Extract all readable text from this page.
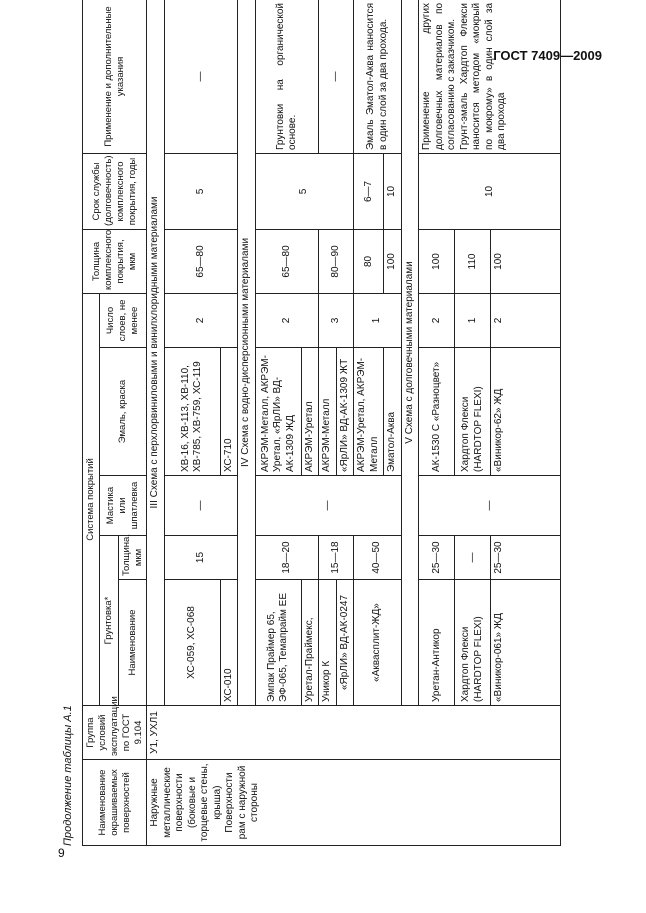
ГОСТ 7409—2009
Продолжение таблицы А.1 Наименование окрашиваемых поверхностей	Группа условий эксплуатации по ГОСТ 9.104	Система покрытий					Толщина комплексного покрытия, мкм	Срок службы (долговечность) комплексного покрытия, годы	Применение и дополнительные указания
		Грунтовка*		Мастика или шпатлевка	Эмаль, краска	Число слоев, не менее			
		Наименование	Толщина, мкм						

Наружные металлические поверхности (боковые и торцевые стены, крыша) Поверхности рам с наружной стороны	У1, УХЛ1	III Схема с перхлорвиниловыми и винилхлоридными материалами							
		ХС-059, ХС-068	15	—	ХВ-16, ХВ-113, ХВ-110, ХВ-785, ХВ-759, ХС-119	2	65—80	5	—
		ХС-010			ХС-710				
		IV Схема с водно-дисперсионными материалами							
		Эмпак Праймер 65, ЭФ-065, Темапрайм ЕЕ	18—20	—	АКРЭМ-Металл, АКРЭМ-Уретал, «ЯрЛИ» ВД-АК-1309 ЖД	2	65—80	5	Грунтовки на органической основе.
		Уретал-Праймекс,			АКРЭМ-Уретал				
		Уникор К	15—18		АКРЭМ-Металл	3	80—90		—
		«ЯрЛИ» ВД-АК-0247			«ЯрЛИ» ВД-АК-1309 ЖТ				

		«Аквасплит-ЖД»	40—50		АКРЭМ-Уретал, АКРЭМ-Металл	1	80	6—7	Эмаль Эматол-Аква наносится в один слой за два прохода.

					Эматол-Аква		100	10	
		V Схема с долговечными материалами							
		Уретан-Антикор	25—30	—	АК-1530 С «Разноцвет»	2	100	10	Применение других долговечных материалов по согласованию с заказчиком. Грунт-эмаль Хардтоп Флекси наносится методом «мокрый по мокрому» в один слой за два прохода

		Хардтоп Флекси (HARDTOP FLEXI)	—		Хардтоп Флекси (HARDTOP FLEXI)	1	110		
		«Виникор-061» ЖД	25—30		«Виникор-62» ЖД	2	100		
9
